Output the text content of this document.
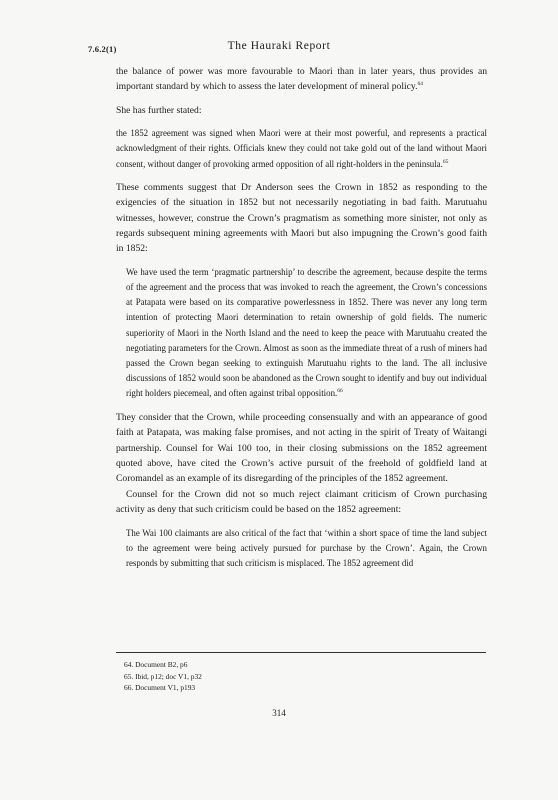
7.6.2(1)	The Hauraki Report

the balance of power was more favourable to Maori than in later years, thus provides an important standard by which to assess the later development of mineral policy.$^{64}$

She has further stated:

the 1852 agreement was signed when Maori were at their most powerful, and represents a practical acknowledgment of their rights. Officials knew they could not take gold out of the land without Maori consent, without danger of provoking armed opposition of all right-holders in the peninsula.$^{65}$

These comments suggest that Dr Anderson sees the Crown in 1852 as responding to the exigencies of the situation in 1852 but not necessarily negotiating in bad faith. Marutuahu witnesses, however, construe the Crown’s pragmatism as something more sinister, not only as regards subsequent mining agreements with Maori but also impugning the Crown’s good faith in 1852:

We have used the term ‘pragmatic partnership’ to describe the agreement, because despite the terms of the agreement and the process that was invoked to reach the agreement, the Crown’s concessions at Patapata were based on its comparative powerlessness in 1852. There was never any long term intention of protecting Maori determination to retain ownership of gold fields. The numeric superiority of Maori in the North Island and the need to keep the peace with Marutuahu created the negotiating parameters for the Crown. Almost as soon as the immediate threat of a rush of miners had passed the Crown began seeking to extinguish Marutuahu rights to the land. The all inclusive discussions of 1852 would soon be abandoned as the Crown sought to identify and buy out individual right holders piecemeal, and often against tribal opposition.$^{66}$

They consider that the Crown, while proceeding consensually and with an appearance of good faith at Patapata, was making false promises, and not acting in the spirit of Treaty of Waitangi partnership. Counsel for Wai 100 too, in their closing submissions on the 1852 agreement quoted above, have cited the Crown’s active pursuit of the freehold of goldfield land at Coromandel as an example of its disregarding of the principles of the 1852 agreement.

Counsel for the Crown did not so much reject claimant criticism of Crown purchasing activity as deny that such criticism could be based on the 1852 agreement:

The Wai 100 claimants are also critical of the fact that ‘within a short space of time the land subject to the agreement were being actively pursued for purchase by the Crown’. Again, the Crown responds by submitting that such criticism is misplaced. The 1852 agreement did

64. Document B2, p6
65. Ibid, p12; doc V1, p32
66. Document V1, p193
314
